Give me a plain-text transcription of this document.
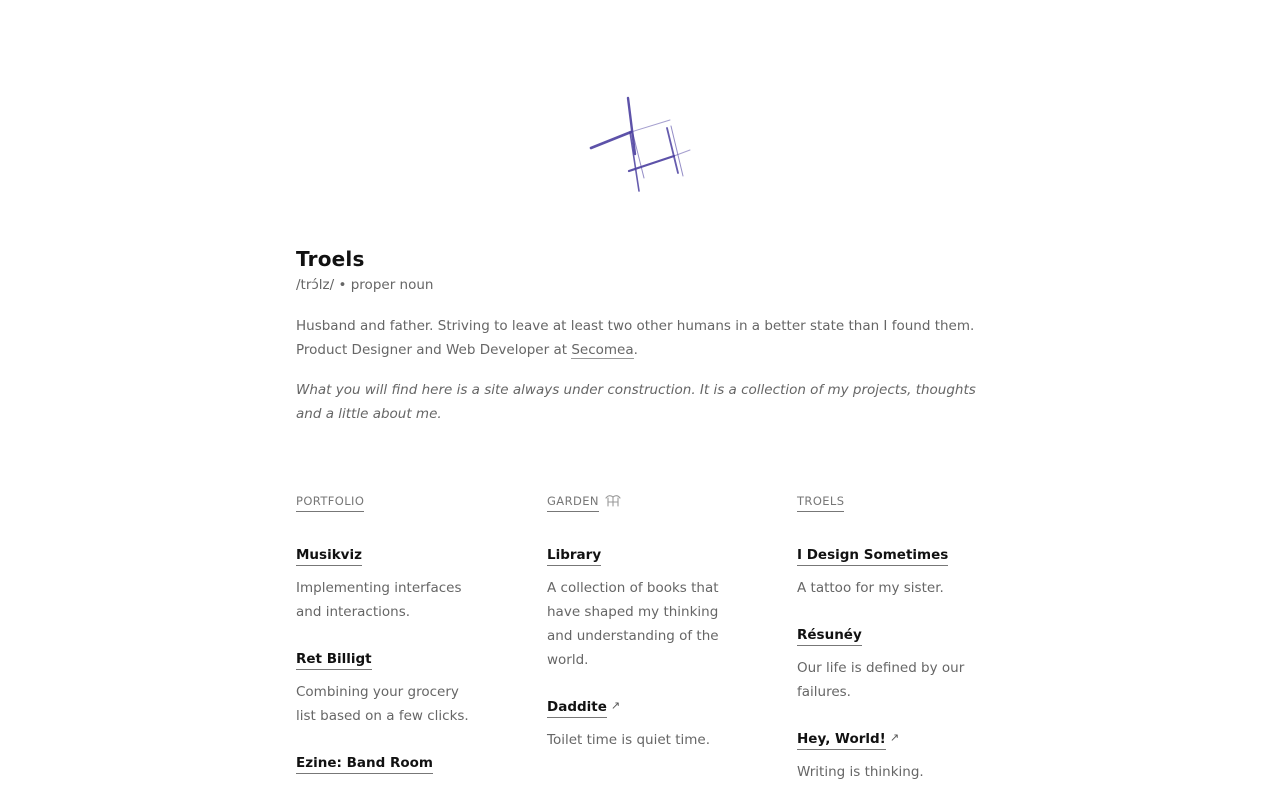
Troels
/trɔ́lz/ • proper noun
Husband and father. Striving to leave at least two other humans in a better state than I found them.
Product Designer and Web Developer at Secomea.
What you will find here is a site always under construction. It is a collection of my projects, thoughts and a little about me.
PORTFOLIO
Musikviz
Implementing interfaces and interactions.
Ret Billigt
Combining your grocery list based on a few clicks.
Ezine: Band Room
GARDEN
Library
A collection of books that have shaped my thinking and understanding of the world.
Daddite ↗
Toilet time is quiet time.
TROELS
I Design Sometimes
A tattoo for my sister.
Résunéy
Our life is defined by our failures.
Hey, World! ↗
Writing is thinking.
